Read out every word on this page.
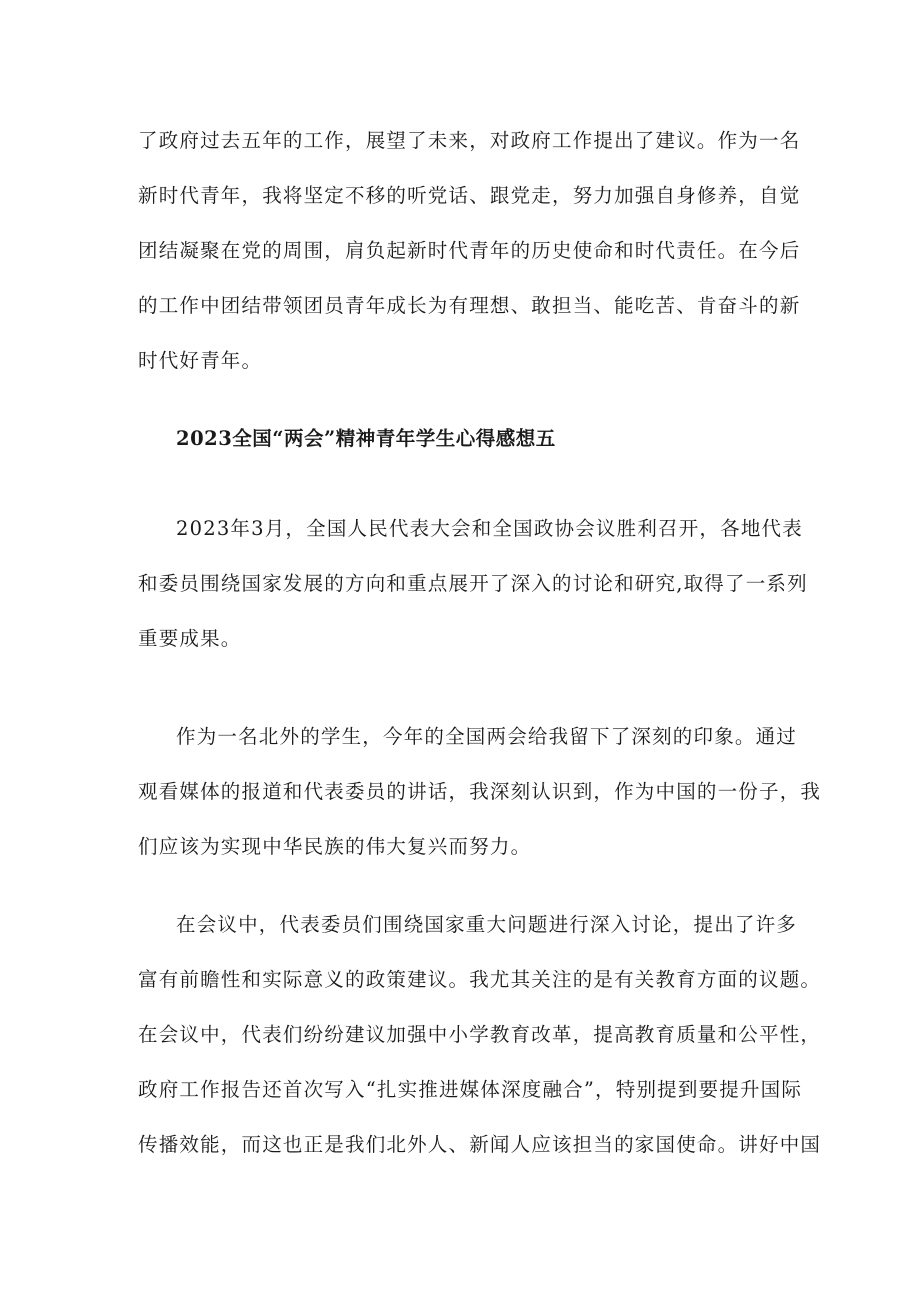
了政府过去五年的工作，展望了未来，对政府工作提出了建议。作为一名
新时代青年，我将坚定不移的听党话、跟党走，努力加强自身修养，自觉
团结凝聚在党的周围，肩负起新时代青年的历史使命和时代责任。在今后
的工作中团结带领团员青年成长为有理想、敢担当、能吃苦、肯奋斗的新
时代好青年。
2023全国“两会”精神青年学生心得感想五
2023年3月，全国人民代表大会和全国政协会议胜利召开，各地代表
和委员围绕国家发展的方向和重点展开了深入的讨论和研究,取得了一系列
重要成果。
作为一名北外的学生，今年的全国两会给我留下了深刻的印象。通过
观看媒体的报道和代表委员的讲话，我深刻认识到，作为中国的一份子，我
们应该为实现中华民族的伟大复兴而努力。
在会议中，代表委员们围绕国家重大问题进行深入讨论，提出了许多
富有前瞻性和实际意义的政策建议。我尤其关注的是有关教育方面的议题。
在会议中，代表们纷纷建议加强中小学教育改革，提高教育质量和公平性，
政府工作报告还首次写入“扎实推进媒体深度融合”，特别提到要提升国际
传播效能，而这也正是我们北外人、新闻人应该担当的家国使命。讲好中国
